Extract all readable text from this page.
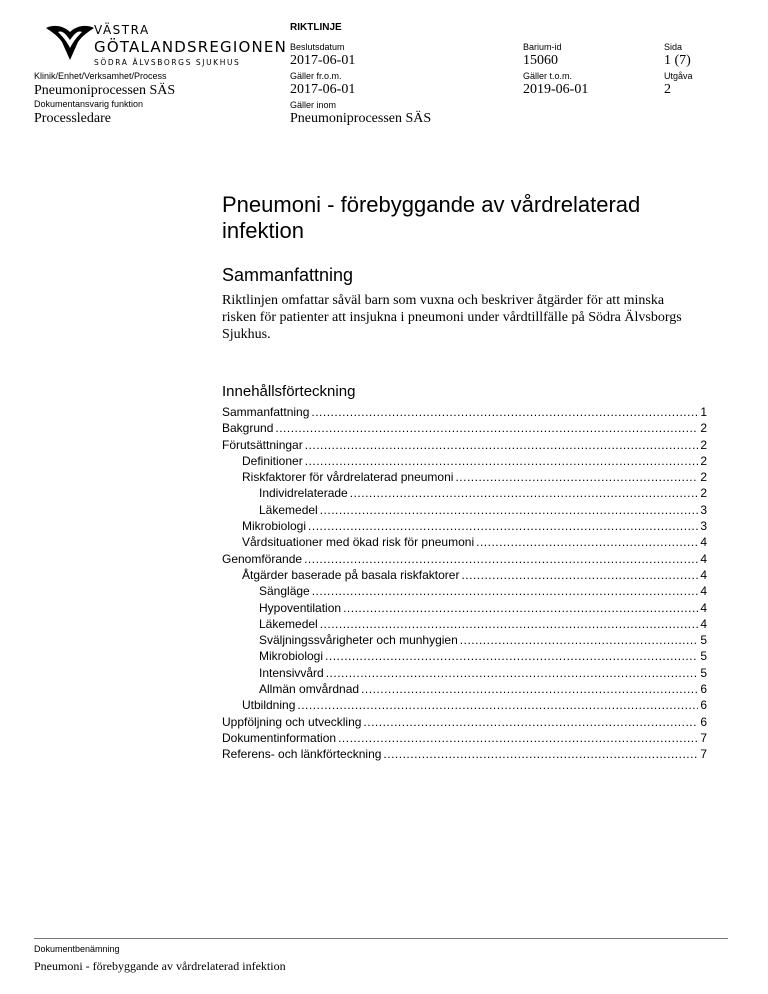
VÄSTRA
GÖTALANDSREGIONEN
SÖDRA ÄLVSBORGS SJUKHUS
Klinik/Enhet/Verksamhet/Process
Pneumoniprocessen SÄS
Dokumentansvarig funktion
Processledare
RIKTLINJE
Beslutsdatum
2017-06-01
Gäller fr.o.m.
2017-06-01
Gäller inom
Pneumoniprocessen SÄS
Barium-id
15060
Gäller t.o.m.
2019-06-01
Sida
1 (7)
Utgåva
2
Pneumoni - förebyggande av vårdrelaterad infektion
Sammanfattning
Riktlinjen omfattar såväl barn som vuxna och beskriver åtgärder för att minska risken för patienter att insjukna i pneumoni under vårdtillfälle på Södra Älvsborgs Sjukhus.
Innehållsförteckning
Sammanfattning .....	1
Bakgrund .....	2
Förutsättningar .....	2
Definitioner .....	2
Riskfaktorer för vårdrelaterad pneumoni .....	2
Individrelaterade .....	2
Läkemedel .....	3
Mikrobiologi .....	3
Vårdsituationer med ökad risk för pneumoni .....	4
Genomförande .....	4
Åtgärder baserade på basala riskfaktorer .....	4
Sängläge .....	4
Hypoventilation .....	4
Läkemedel .....	4
Sväljningssvårigheter och munhygien .....	5
Mikrobiologi .....	5
Intensivvård .....	5
Allmän omvårdnad .....	6
Utbildning .....	6
Uppföljning och utveckling .....	6
Dokumentinformation .....	7
Referens- och länkförteckning .....	7
Dokumentbenämning
Pneumoni - förebyggande av vårdrelaterad infektion
